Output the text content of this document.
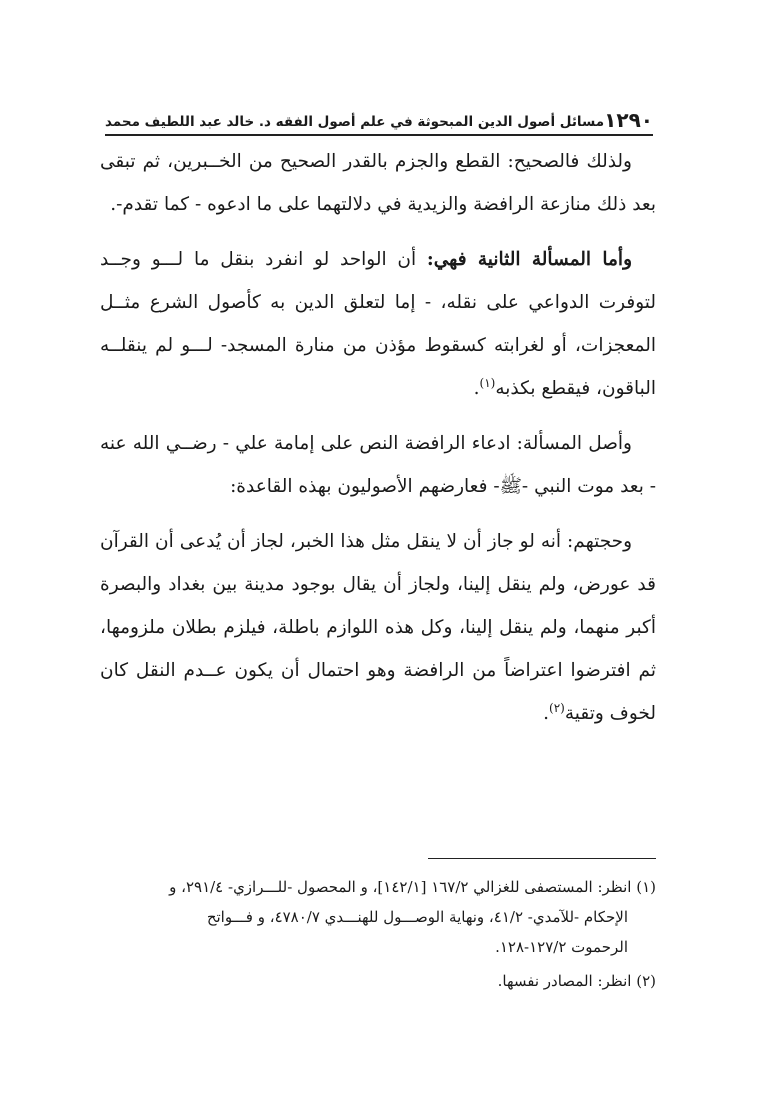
١٢٩٠
مسائل أصول الدين المبحوثة في علم أصول الفقه د. خالد عبد اللطيف محمد

ولذلك فالصحيح: القطع والجزم بالقدر الصحيح من الخــبرين، ثم تبقى بعد ذلك منازعة الرافضة والزيدية في دلالتهما على ما ادعوه - كما تقدم-.

وأما المسألة الثانية فهي: أن الواحد لو انفرد بنقل ما لـــو وجــد لتوفرت الدواعي على نقله، - إما لتعلق الدين به كأصول الشرع مثــل المعجزات، أو لغرابته كسقوط مؤذن من منارة المسجد- لـــو لم ينقلــه الباقون، فيقطع بكذبه$^{(١)}$.

وأصل المسألة: ادعاء الرافضة النص على إمامة علي - رضــي الله عنه - بعد موت النبي -ﷺ- فعارضهم الأصوليون بهذه القاعدة:

وحجتهم: أنه لو جاز أن لا ينقل مثل هذا الخبر، لجاز أن يُدعى أن القرآن قد عورض، ولم ينقل إلينا، ولجاز أن يقال بوجود مدينة بين بغداد والبصرة أكبر منهما، ولم ينقل إلينا، وكل هذه اللوازم باطلة، فيلزم بطلان ملزومها، ثم افترضوا اعتراضاً من الرافضة وهو احتمال أن يكون عــدم النقل كان لخوف وتقية$^{(٢)}$.

(١) انظر: المستصفى للغزالي ١٦٧/٢ [١٤٢/١]، و المحصول -للـــرازي- ٢٩١/٤، و
الإحكام -للآمدي- ٤١/٢، ونهاية الوصـــول للهنـــدي ٤٧٨٠/٧، و فـــواتح
الرحموت ١٢٧/٢-١٢٨.

(٢) انظر: المصادر نفسها.
